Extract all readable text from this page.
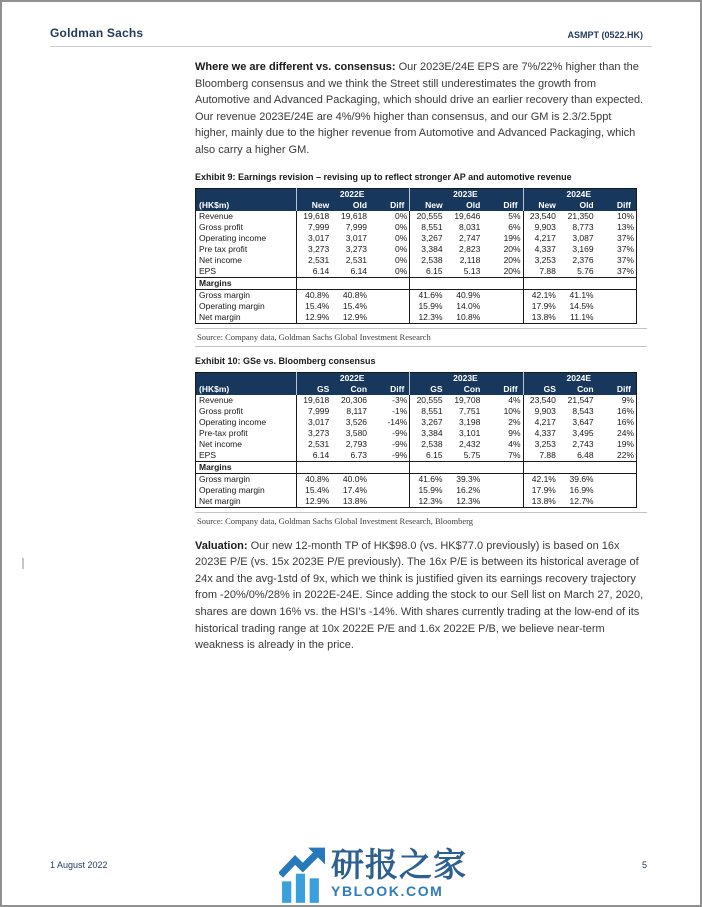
Goldman Sachs	ASMPT (0522.HK)

Where we are different vs. consensus: Our 2023E/24E EPS are 7%/22% higher than the Bloomberg consensus and we think the Street still underestimates the growth from Automotive and Advanced Packaging, which should drive an earlier recovery than expected. Our revenue 2023E/24E are 4%/9% higher than consensus, and our GM is 2.3/2.5ppt higher, mainly due to the higher revenue from Automotive and Advanced Packaging, which also carry a higher GM.

Exhibit 9: Earnings revision – revising up to reflect stronger AP and automotive revenue
	2022E			2023E			2024E		
(HK$m)	New	Old	Diff	New	Old	Diff	New	Old	Diff
Revenue	19,618	19,618	0%	20,555	19,646	5%	23,540	21,350	10%
Gross profit	7,999	7,999	0%	8,551	8,031	6%	9,903	8,773	13%
Operating income	3,017	3,017	0%	3,267	2,747	19%	4,217	3,087	37%
Pre tax profit	3,273	3,273	0%	3,384	2,823	20%	4,337	3,169	37%
Net income	2,531	2,531	0%	2,538	2,118	20%	3,253	2,376	37%
EPS	6.14	6.14	0%	6.15	5.13	20%	7.88	5.76	37%
Margins									
Gross margin	40.8%	40.8%		41.6%	40.9%		42.1%	41.1%	
Operating margin	15.4%	15.4%		15.9%	14.0%		17.9%	14.5%	
Net margin	12.9%	12.9%		12.3%	10.8%		13.8%	11.1%	
Source: Company data, Goldman Sachs Global Investment Research
Exhibit 10: GSe vs. Bloomberg consensus
	2022E			2023E			2024E		
(HK$m)	GS	Con	Diff	GS	Con	Diff	GS	Con	Diff
Revenue	19,618	20,306	-3%	20,555	19,708	4%	23,540	21,547	9%
Gross profit	7,999	8,117	-1%	8,551	7,751	10%	9,903	8,543	16%
Operating income	3,017	3,526	-14%	3,267	3,198	2%	4,217	3,647	16%
Pre-tax profit	3,273	3,580	-9%	3,384	3,101	9%	4,337	3,495	24%
Net income	2,531	2,793	-9%	2,538	2,432	4%	3,253	2,743	19%
EPS	6.14	6.73	-9%	6.15	5.75	7%	7.88	6.48	22%
Margins									
Gross margin	40.8%	40.0%		41.6%	39.3%		42.1%	39.6%	
Operating margin	15.4%	17.4%		15.9%	16.2%		17.9%	16.9%	
Net margin	12.9%	13.8%		12.3%	12.3%		13.8%	12.7%	
Source: Company data, Goldman Sachs Global Investment Research, Bloomberg

Valuation: Our new 12-month TP of HK$98.0 (vs. HK$77.0 previously) is based on 16x 2023E P/E (vs. 15x 2023E P/E previously). The 16x P/E is between its historical average of 24x and the avg-1std of 9x, which we think is justified given its earnings recovery trajectory from -20%/0%/28% in 2022E-24E. Since adding the stock to our Sell list on March 27, 2020, shares are down 16% vs. the HSI’s -14%. With shares currently trading at the low-end of its historical trading range at 10x 2022E P/E and 1.6x 2022E P/B, we believe near-term weakness is already in the price.

1 August 2022	5
研报之家
YBLOOK.COM
